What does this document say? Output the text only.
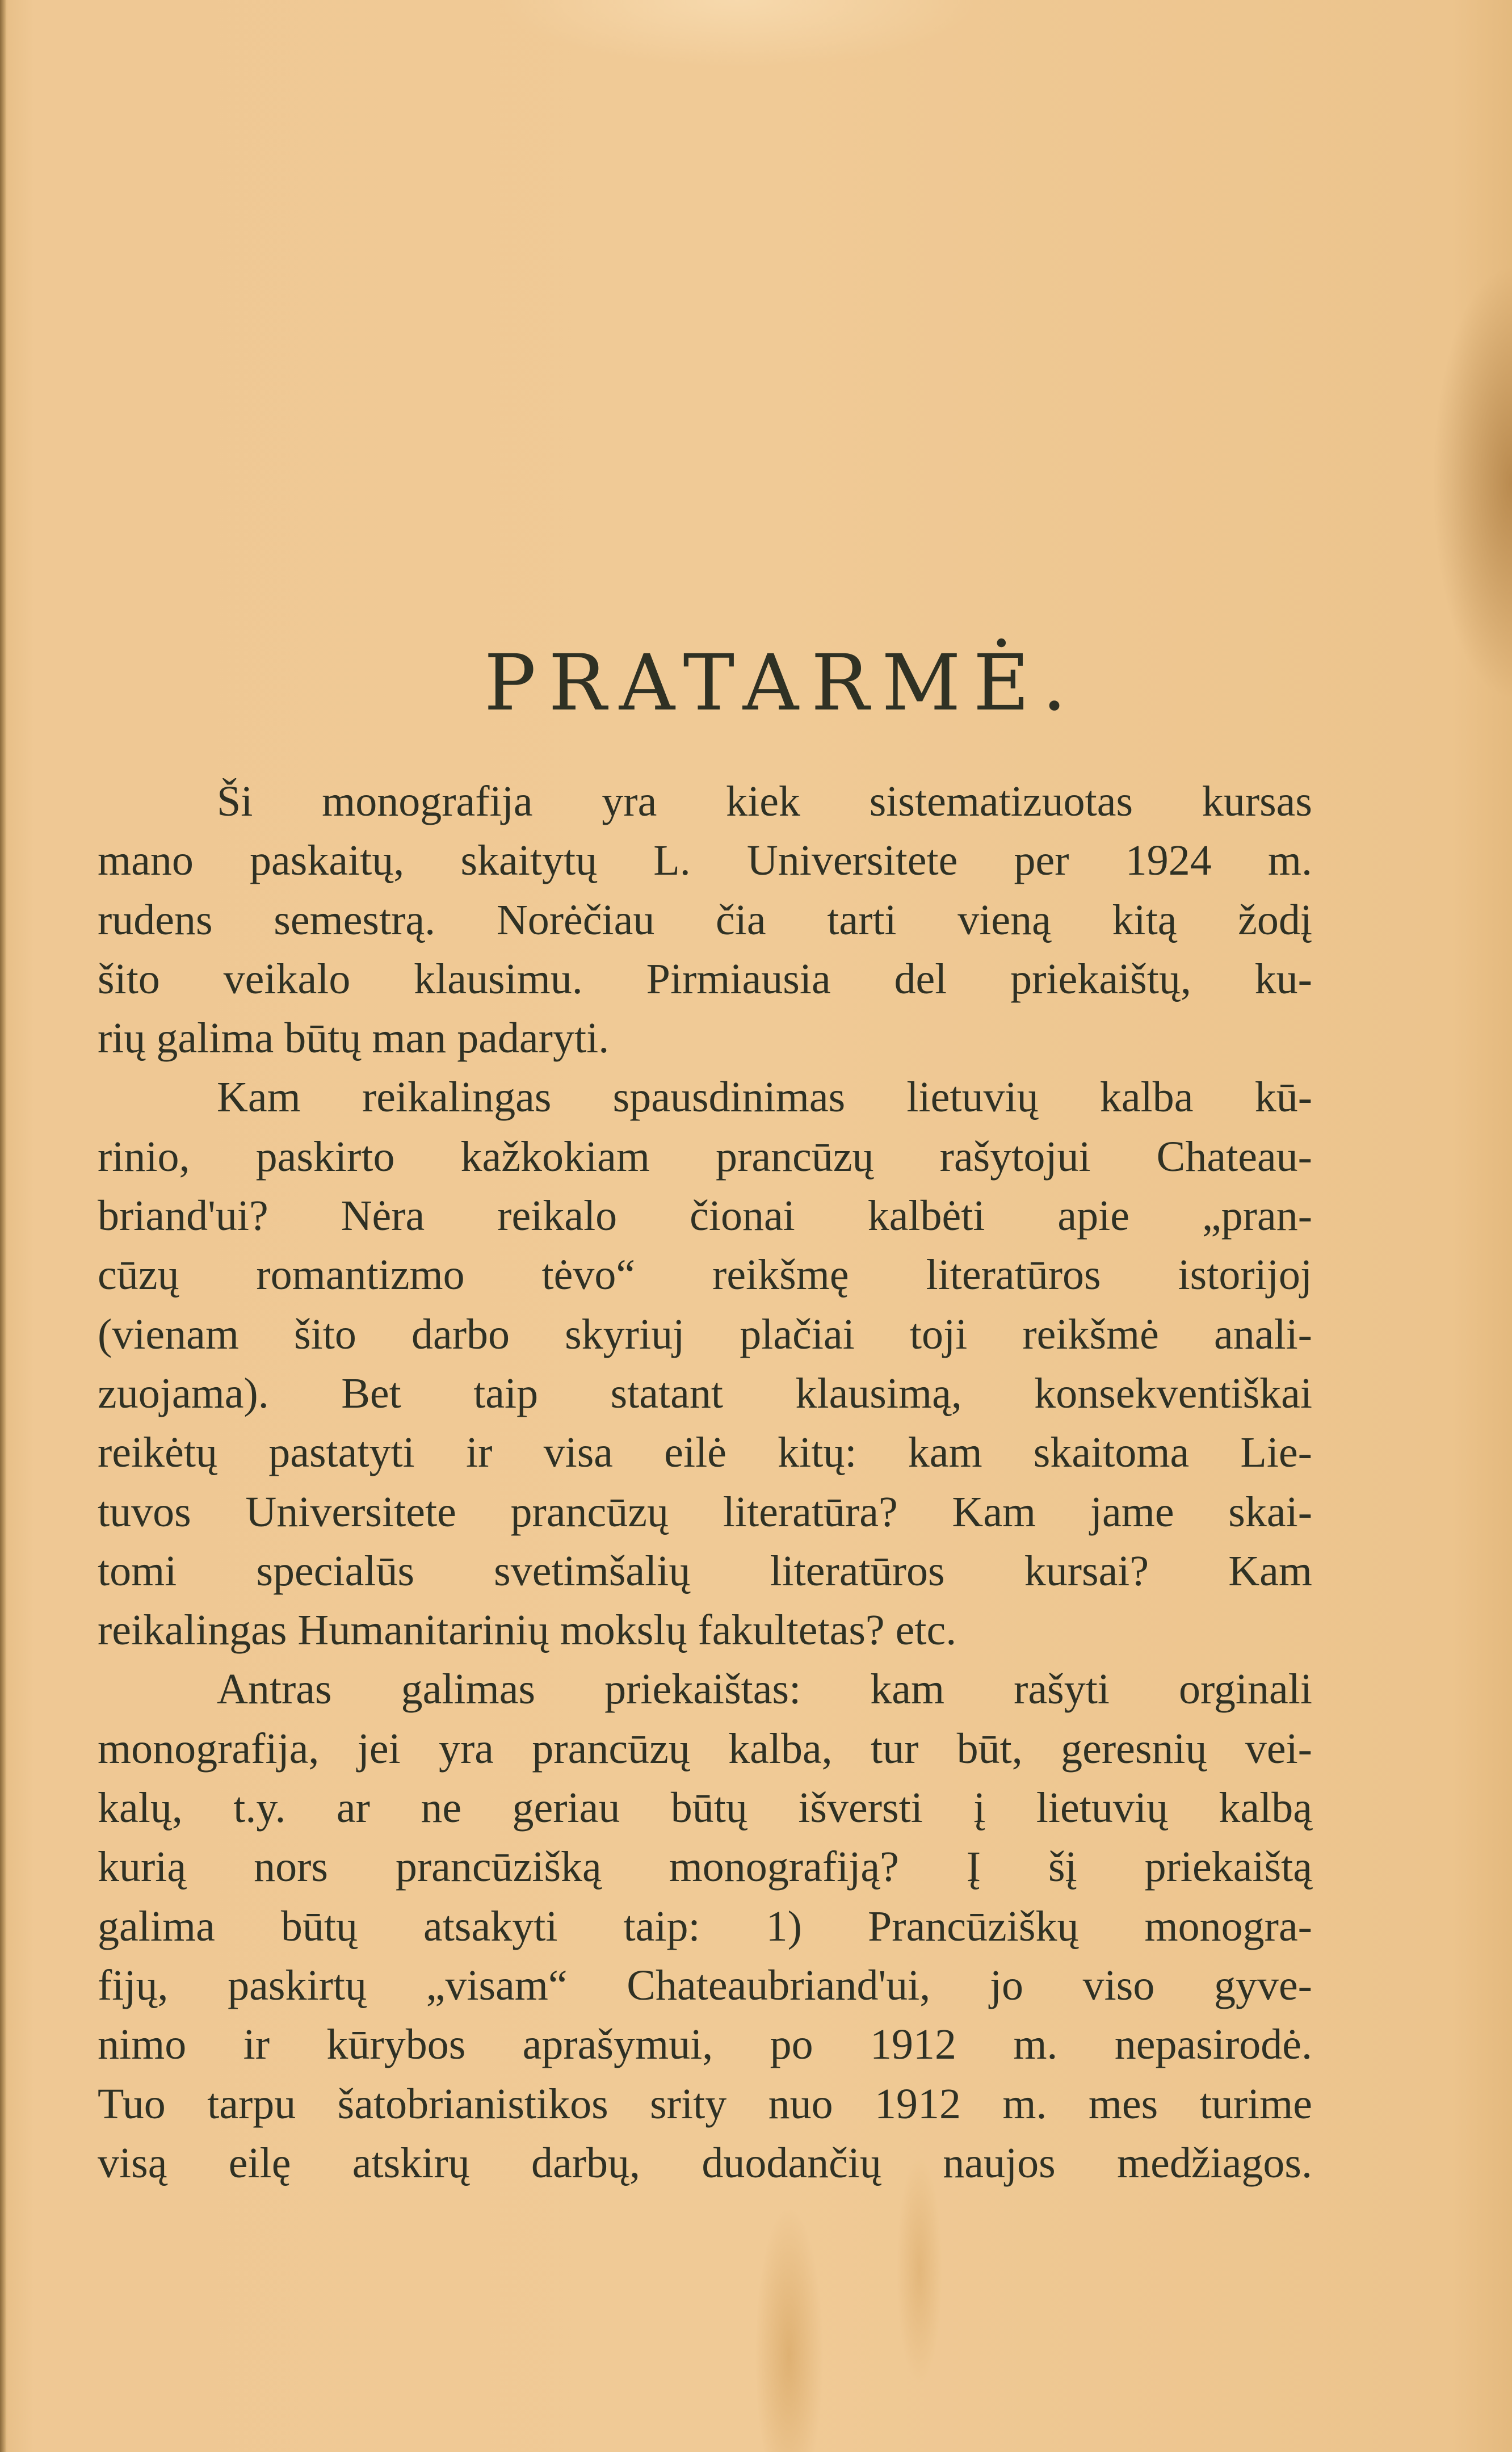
PRATARMĖ.
Ši monografija yra kiek sistematizuotas kursas
mano paskaitų, skaitytų L. Universitete per 1924 m.
rudens semestrą. Norėčiau čia tarti vieną kitą žodį
šito veikalo klausimu. Pirmiausia del priekaištų, ku-
rių galima būtų man padaryti.
Kam reikalingas spausdinimas lietuvių kalba kū-
rinio, paskirto kažkokiam prancūzų rašytojui Chateau-
briand'ui? Nėra reikalo čionai kalbėti apie „pran-
cūzų romantizmo tėvo“ reikšmę literatūros istorijoj
(vienam šito darbo skyriuj plačiai toji reikšmė anali-
zuojama). Bet taip statant klausimą, konsekventiškai
reikėtų pastatyti ir visa eilė kitų: kam skaitoma Lie-
tuvos Universitete prancūzų literatūra? Kam jame skai-
tomi specialūs svetimšalių literatūros kursai? Kam
reikalingas Humanitarinių mokslų fakultetas? etc.
Antras galimas priekaištas: kam rašyti orginali
monografija, jei yra prancūzų kalba, tur būt, geresnių vei-
kalų, t.y. ar ne geriau būtų išversti į lietuvių kalbą
kurią nors prancūzišką monografiją? Į šį priekaištą
galima būtų atsakyti taip: 1) Prancūziškų monogra-
fijų, paskirtų „visam“ Chateaubriand'ui, jo viso gyve-
nimo ir kūrybos aprašymui, po 1912 m. nepasirodė.
Tuo tarpu šatobrianistikos srity nuo 1912 m. mes turime
visą eilę atskirų darbų, duodančių naujos medžiagos.
